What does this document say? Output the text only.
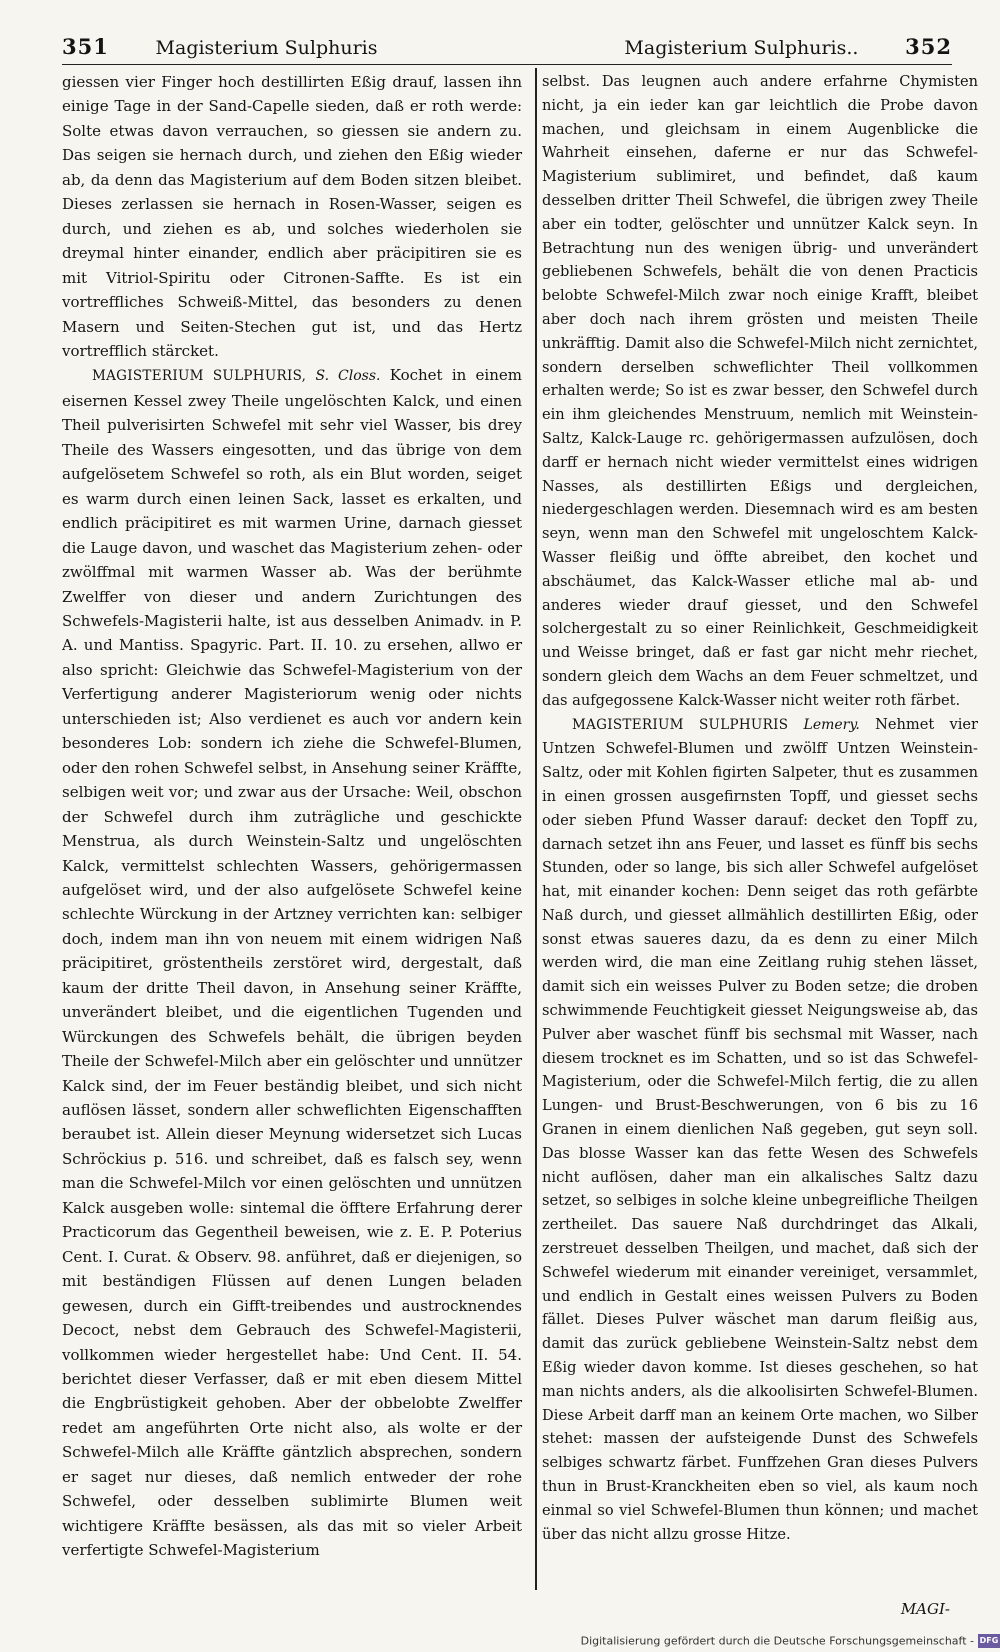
351 Magisterium Sulphuris	Magisterium Sulphuris.. 352

giessen vier Finger hoch destillirten Eßig drauf, lassen ihn einige Tage in der Sand-Capelle sieden, daß er roth werde: Solte etwas davon verrauchen, so giessen sie andern zu. Das seigen sie hernach durch, und ziehen den Eßig wieder ab, da denn das Magisterium auf dem Boden sitzen bleibet. Dieses zerlassen sie hernach in Rosen-Wasser, seigen es durch, und ziehen es ab, und solches wiederholen sie dreymal hinter einander, endlich aber präcipitiren sie es mit Vitriol-Spiritu oder Citronen-Saffte. Es ist ein vortreffliches Schweiß-Mittel, das besonders zu denen Masern und Seiten-Stechen gut ist, und das Hertz vortrefflich stärcket.

MAGISTERIUM SULPHURIS, S. Closs. Kochet in einem eisernen Kessel zwey Theile ungelöschten Kalck, und einen Theil pulverisirten Schwefel mit sehr viel Wasser, bis drey Theile des Wassers eingesotten, und das übrige von dem aufgelösetem Schwefel so roth, als ein Blut worden, seiget es warm durch einen leinen Sack, lasset es erkalten, und endlich präcipitiret es mit warmen Urine, darnach giesset die Lauge davon, und waschet das Magisterium zehen- oder zwölffmal mit warmen Wasser ab. Was der berühmte Zwelffer von dieser und andern Zurichtungen des Schwefels-Magisterii halte, ist aus desselben Animadv. in P. A. und Mantiss. Spagyric. Part. II. 10. zu ersehen, allwo er also spricht: Gleichwie das Schwefel-Magisterium von der Verfertigung anderer Magisteriorum wenig oder nichts unterschieden ist; Also verdienet es auch vor andern kein besonderes Lob: sondern ich ziehe die Schwefel-Blumen, oder den rohen Schwefel selbst, in Ansehung seiner Kräffte, selbigen weit vor; und zwar aus der Ursache: Weil, obschon der Schwefel durch ihm zuträgliche und geschickte Menstrua, als durch Weinstein-Saltz und ungelöschten Kalck, vermittelst schlechten Wassers, gehörigermassen aufgelöset wird, und der also aufgelösete Schwefel keine schlechte Würckung in der Artzney verrichten kan: selbiger doch, indem man ihn von neuem mit einem widrigen Naß präcipitiret, gröstentheils zerstöret wird, dergestalt, daß kaum der dritte Theil davon, in Ansehung seiner Kräffte, unverändert bleibet, und die eigentlichen Tugenden und Würckungen des Schwefels behält, die übrigen beyden Theile der Schwefel-Milch aber ein gelöschter und unnützer Kalck sind, der im Feuer beständig bleibet, und sich nicht auflösen lässet, sondern aller schweflichten Eigenschafften beraubet ist. Allein dieser Meynung widersetzet sich Lucas Schröckius p. 516. und schreibet, daß es falsch sey, wenn man die Schwefel-Milch vor einen gelöschten und unnützen Kalck ausgeben wolle: sintemal die öfftere Erfahrung derer Practicorum das Gegentheil beweisen, wie z. E. P. Poterius Cent. I. Curat. & Observ. 98. anführet, daß er diejenigen, so mit beständigen Flüssen auf denen Lungen beladen gewesen, durch ein Gifft-treibendes und austrocknendes Decoct, nebst dem Gebrauch des Schwefel-Magisterii, vollkommen wieder hergestellet habe: Und Cent. II. 54. berichtet dieser Verfasser, daß er mit eben diesem Mittel die Engbrüstigkeit gehoben. Aber der obbelobte Zwelffer redet am angeführten Orte nicht also, als wolte er der Schwefel-Milch alle Kräffte gäntzlich absprechen, sondern er saget nur dieses, daß nemlich entweder der rohe Schwefel, oder desselben sublimirte Blumen weit wichtigere Kräffte besässen, als das mit so vieler Arbeit verfertigte Schwefel-Magisterium

selbst. Das leugnen auch andere erfahrne Chymisten nicht, ja ein ieder kan gar leichtlich die Probe davon machen, und gleichsam in einem Augenblicke die Wahrheit einsehen, daferne er nur das Schwefel-Magisterium sublimiret, und befindet, daß kaum desselben dritter Theil Schwefel, die übrigen zwey Theile aber ein todter, gelöschter und unnützer Kalck seyn. In Betrachtung nun des wenigen übrig- und unverändert gebliebenen Schwefels, behält die von denen Practicis belobte Schwefel-Milch zwar noch einige Krafft, bleibet aber doch nach ihrem grösten und meisten Theile unkräfftig. Damit also die Schwefel-Milch nicht zernichtet, sondern derselben schweflichter Theil vollkommen erhalten werde; So ist es zwar besser, den Schwefel durch ein ihm gleichendes Menstruum, nemlich mit Weinstein-Saltz, Kalck-Lauge rc. gehörigermassen aufzulösen, doch darff er hernach nicht wieder vermittelst eines widrigen Nasses, als destillirten Eßigs und dergleichen, niedergeschlagen werden. Diesemnach wird es am besten seyn, wenn man den Schwefel mit ungeloschtem Kalck-Wasser fleißig und öffte abreibet, den kochet und abschäumet, das Kalck-Wasser etliche mal ab- und anderes wieder drauf giesset, und den Schwefel solchergestalt zu so einer Reinlichkeit, Geschmeidigkeit und Weisse bringet, daß er fast gar nicht mehr riechet, sondern gleich dem Wachs an dem Feuer schmeltzet, und das aufgegossene Kalck-Wasser nicht weiter roth färbet.

MAGISTERIUM SULPHURIS Lemery. Nehmet vier Untzen Schwefel-Blumen und zwölff Untzen Weinstein-Saltz, oder mit Kohlen figirten Salpeter, thut es zusammen in einen grossen ausgefirnsten Topff, und giesset sechs oder sieben Pfund Wasser darauf: decket den Topff zu, darnach setzet ihn ans Feuer, und lasset es fünff bis sechs Stunden, oder so lange, bis sich aller Schwefel aufgelöset hat, mit einander kochen: Denn seiget das roth gefärbte Naß durch, und giesset allmählich destillirten Eßig, oder sonst etwas saueres dazu, da es denn zu einer Milch werden wird, die man eine Zeitlang ruhig stehen lässet, damit sich ein weisses Pulver zu Boden setze; die droben schwimmende Feuchtigkeit giesset Neigungsweise ab, das Pulver aber waschet fünff bis sechsmal mit Wasser, nach diesem trocknet es im Schatten, und so ist das Schwefel-Magisterium, oder die Schwefel-Milch fertig, die zu allen Lungen- und Brust-Beschwerungen, von 6 bis zu 16 Granen in einem dienlichen Naß gegeben, gut seyn soll. Das blosse Wasser kan das fette Wesen des Schwefels nicht auflösen, daher man ein alkalisches Saltz dazu setzet, so selbiges in solche kleine unbegreifliche Theilgen zertheilet. Das sauere Naß durchdringet das Alkali, zerstreuet desselben Theilgen, und machet, daß sich der Schwefel wiederum mit einander vereiniget, versammlet, und endlich in Gestalt eines weissen Pulvers zu Boden fället. Dieses Pulver wäschet man darum fleißig aus, damit das zurück gebliebene Weinstein-Saltz nebst dem Eßig wieder davon komme. Ist dieses geschehen, so hat man nichts anders, als die alkoolisirten Schwefel-Blumen. Diese Arbeit darff man an keinem Orte machen, wo Silber stehet: massen der aufsteigende Dunst des Schwefels selbiges schwartz färbet. Funffzehen Gran dieses Pulvers thun in Brust-Kranckheiten eben so viel, als kaum noch einmal so viel Schwefel-Blumen thun können; und machet über das nicht allzu grosse Hitze.

MAGI-
Digitalisierung gefördert durch die Deutsche Forschungsgemeinschaft - DFG
